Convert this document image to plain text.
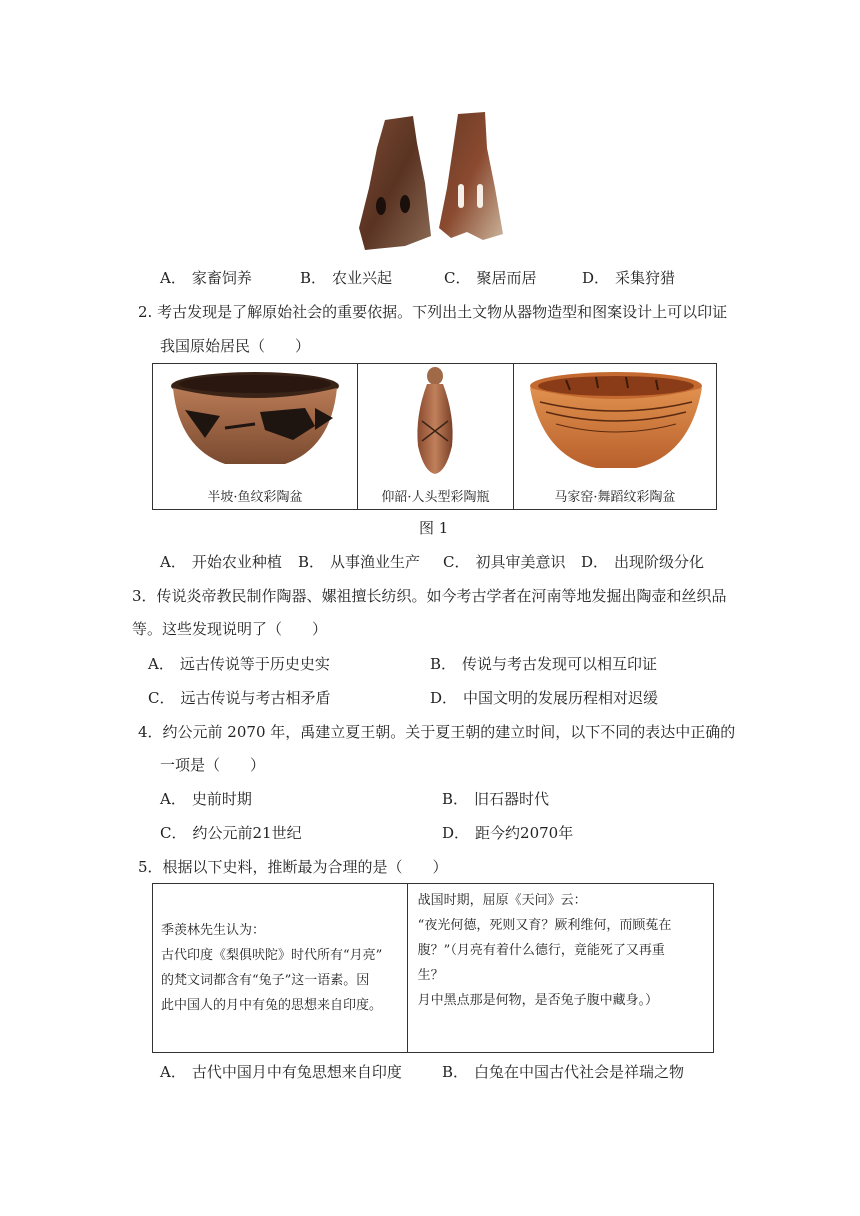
A． 家畜饲养	B． 农业兴起	C． 聚居而居	D． 采集狩猎
2. 考古发现是了解原始社会的重要依据。下列出土文物从器物造型和图案设计上可以印证
我国原始居民（　　）
半坡·鱼纹彩陶盆	仰韶·人头型彩陶瓶	马家窑·舞蹈纹彩陶盆
图 1
A． 开始农业种植 B． 从事渔业生产 C． 初具审美意识 D． 出现阶级分化
3．传说炎帝教民制作陶器、嫘祖擅长纺织。如今考古学者在河南等地发掘出陶壶和丝织品
等。这些发现说明了（　　）
A． 远古传说等于历史史实	B． 传说与考古发现可以相互印证
C． 远古传说与考古相矛盾	D． 中国文明的发展历程相对迟缓
4．约公元前 2070 年，禹建立夏王朝。关于夏王朝的建立时间，以下不同的表达中正确的
一项是（　　）
A． 史前时期	B． 旧石器时代
C． 约公元前21世纪	D． 距今约2070年
5．根据以下史料，推断最为合理的是（　　）
季羡林先生认为：
古代印度《梨俱吠陀》时代所有“月亮”
的梵文词都含有“兔子”这一语素。因
此中国人的月中有兔的思想来自印度。

战国时期，屈原《天问》云：
“夜光何德，死则又育？厥利维何，而顾菟在
腹？”（月亮有着什么德行，竟能死了又再重
生？
月中黑点那是何物，是否兔子腹中藏身。）
A． 古代中国月中有兔思想来自印度	B． 白兔在中国古代社会是祥瑞之物
